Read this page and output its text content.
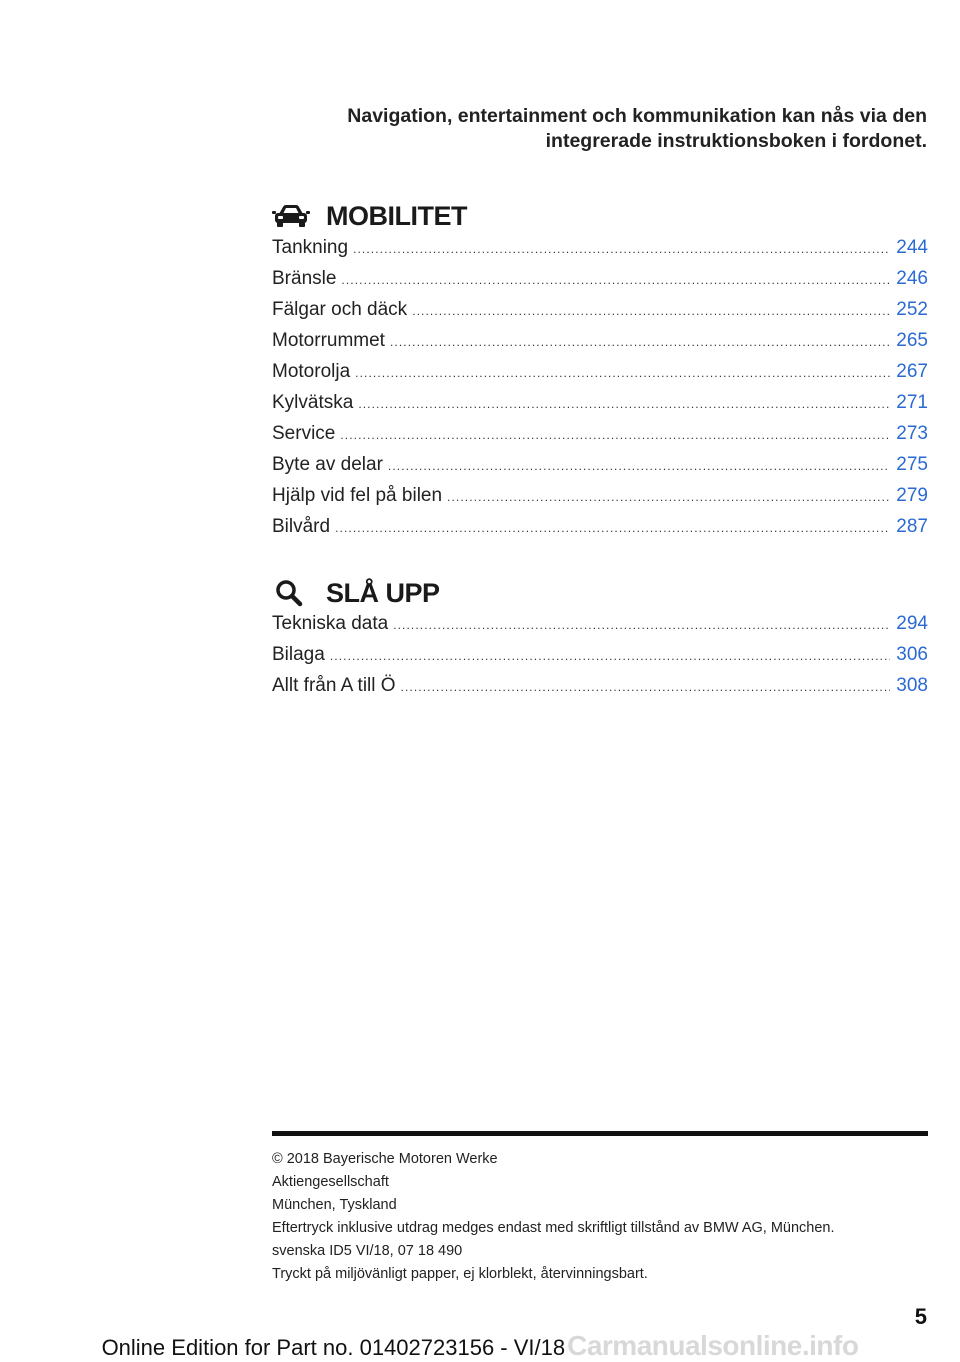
Navigation, entertainment och kommunikation kan nås via den
integrerade instruktionsboken i fordonet.
MOBILITET
Tankning .....	244
Bränsle .....	246
Fälgar och däck .....	252
Motorrummet .....	265
Motorolja .....	267
Kylvätska .....	271
Service .....	273
Byte av delar .....	275
Hjälp vid fel på bilen .....	279
Bilvård .....	287
SLÅ UPP
Tekniska data .....	294
Bilaga .....	306
Allt från A till Ö .....	308
© 2018 Bayerische Motoren Werke
Aktiengesellschaft
München, Tyskland
Eftertryck inklusive utdrag medges endast med skriftligt tillstånd av BMW AG, München.
svenska ID5 VI/18, 07 18 490
Tryckt på miljövänligt papper, ej klorblekt, återvinningsbart.
5
Online Edition for Part no. 01402723156 - VI/18Carmanualsonline.info
